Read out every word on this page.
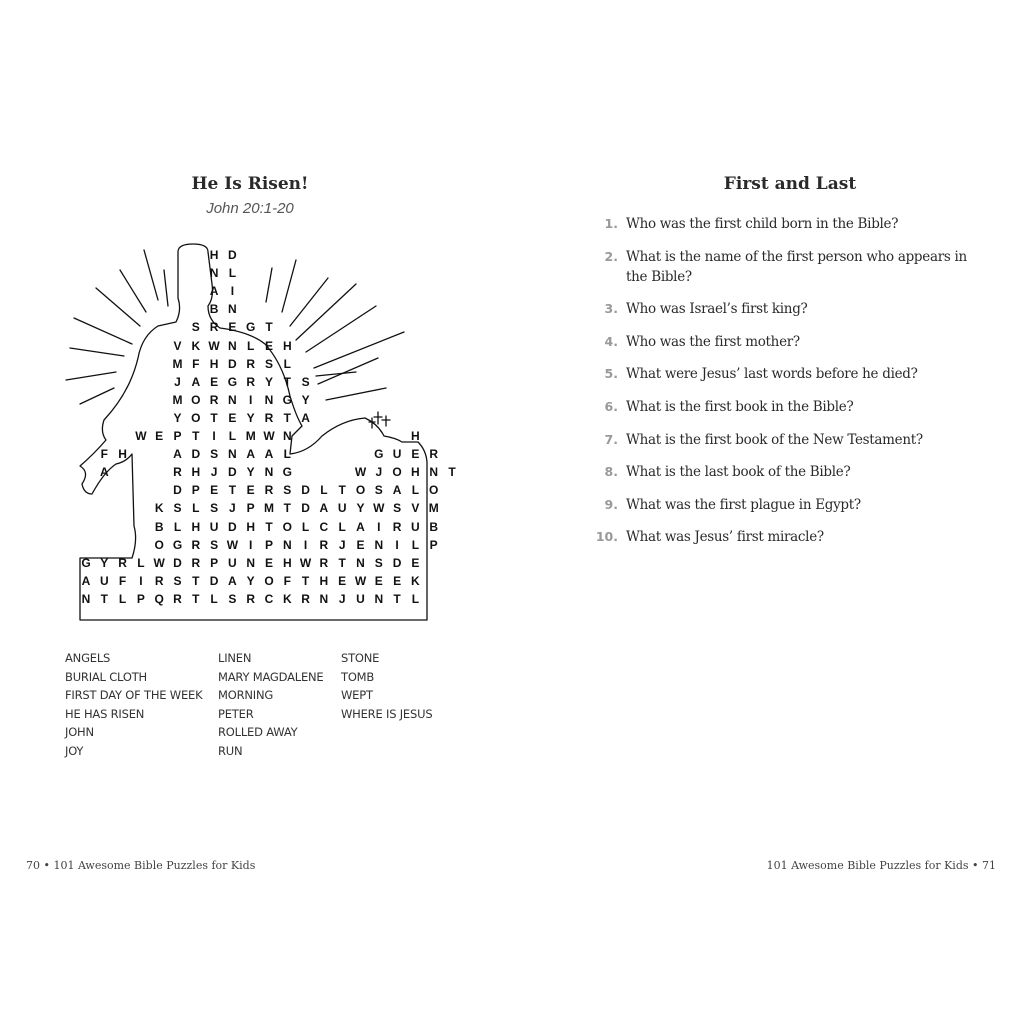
He Is Risen!
John 20:1-20
H D
N L
A	I
B N
S R E G T
V K W N L E H
M F H D R S L
J A E G R Y T S
M O R N	I	N G Y
Y O T E Y R T A
W E P T	I	L M W N	H
F H	A D S N A A L	G U E R
A	R H J D Y N G	W J O H N T
D P E T E R S D L T O S A L O
K S L S J P M T D A U Y W S V M
B L H U D H T O L C L A	I	R U B
O G R S W I	P N	I	R J E N	I	L P
G Y R L W D R P U N E H W R T N S D E
A U F	I	R S T D A Y O F T H E W E E K
N T L P Q R T L S R C K R N J U N T L
ANGELS
BURIAL CLOTH
FIRST DAY OF THE WEEK
HE HAS RISEN
JOHN
JOY
LINEN
MARY MAGDALENE
MORNING
PETER
ROLLED AWAY
RUN
STONE
TOMB
WEPT
WHERE IS JESUS
First and Last
1. Who was the first child born in the Bible?
2. What is the name of the first person who appears in the Bible?
3. Who was Israel’s first king?
4. Who was the first mother?
5. What were Jesus’ last words before he died?
6. What is the first book in the Bible?
7. What is the first book of the New Testament?
8. What is the last book of the Bible?
9. What was the first plague in Egypt?
10. What was Jesus’ first miracle?
70 • 101 Awesome Bible Puzzles for Kids	101 Awesome Bible Puzzles for Kids • 71
